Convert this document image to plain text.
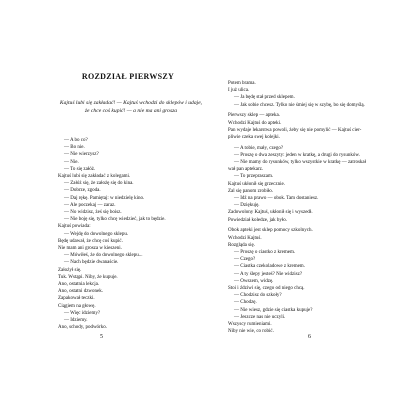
ROZDZIAŁ PIERWSZY
Kajtuś lubi się zakładać! — Kajtuś wchodzi do sklepów i udaje,
że chce coś kupić! — a nie ma ani grosza
— A bo co?
— Bo nie.
— Nie wierzysz?
— Nie.
— To się załóż.
Kajtuś lubi się zakładać z kolegami.
— Załóż się, że założę się do kina.
— Dobrze, zgoda.
— Daj rękę. Pamiętaj: w niedzielę kino.
— Ale poczekaj — zaraz.
— No widzisz, żeś się boisz.
— Nie boję się, tylko chcę wiedzieć, jak to będzie.
Kajtuś powiada:
— Wejdę do dowolnego sklepu.
Będę udawał, że chcę coś kupić.
Nie mam ani grosza w kieszeni.
— Mówiłeś, że do dowolnego sklepu...
— Nach będzie dwanaście.
Założył się.
Tuk. Wstąpi. Niby, że kupuje.
Ano, ostatnia lekcja.
Ano, ostatni dzwonek.
Zapakował teczki.
Ciągiem na głowę.
— Więc idziemy?
— Idziemy.
Ano, schody, podwórko.
5
Potem brama.
I już ulica.
— Ja będę stał przed sklepem.
— Jak sobie chcesz. Tylko nie śmiej się w szybę, bo się domyślą.
Pierwszy sklep — apteka.
Wchodzi Kajtuś do apteki.
Pan wydaje lekarstwa powoli, żeby się nie pomylić — Kajtuś cier-
pliwie czeka swej kolejki.
— A tobie, mały, czego?
— Proszę o dwa zeszyty: jeden w kratkę, a drugi do rysunków.
— Nie mamy do rysunków, tylko wszystkie w kratkę — zatroskał
wał pan aptekarz.
— To przepraszam.
Kajtuś ukłonił się grzecznie.
Zal się panom zrobiło.
— Idź na prawo — obok. Tam dostaniesz.
— Dziękuję.
Zadowolony Kajtuś, ukłonił się i wyszedł.
Powiedział koledze, jak było.
Obok apteki jest sklep pomocy szkolnych.
Wchodzi Kajtuś.
Rozgląda się.
— Proszę o ciastko z kremem.
— Czego?
— Ciastka czekoladowe z kremem.
— A ty ślepy jesteś? Nie widzisz?
— Owszem, widzę.
Stoi i ździwi się, czego od niego chcą.
— Chodzisz do szkoły?
— Chodzę.
— Nie wiesz, gdzie się ciastka kupuje?
— Jeszcze nas nie uczyli.
Wszyscy rumieniami.
Niby nie wie, co robić.
6
